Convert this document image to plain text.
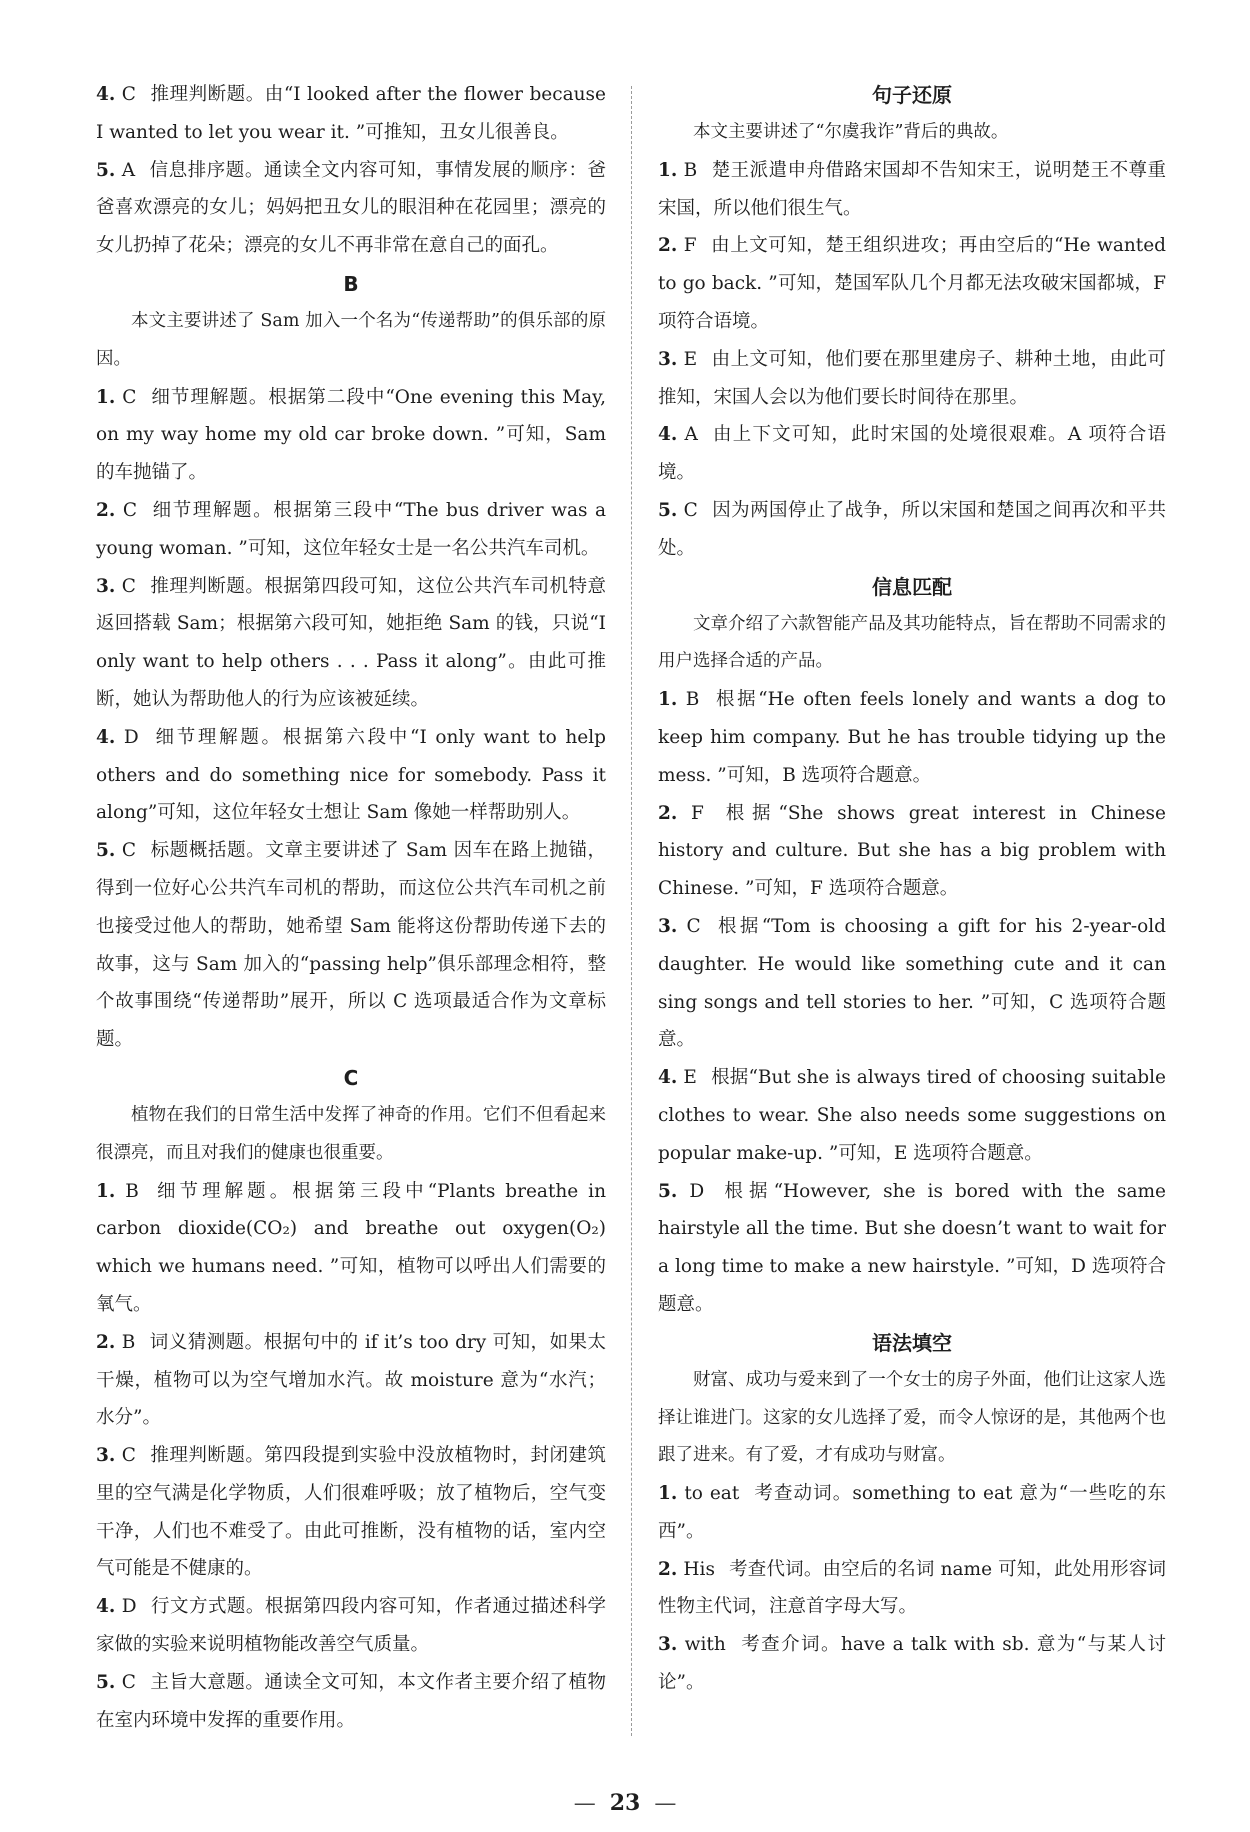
4. C 推理判断题。由“I looked after the flower because I wanted to let you wear it. ”可推知，丑女儿很善良。

5. A 信息排序题。通读全文内容可知，事情发展的顺序：爸爸喜欢漂亮的女儿；妈妈把丑女儿的眼泪种在花园里；漂亮的女儿扔掉了花朵；漂亮的女儿不再非常在意自己的面孔。

B

本文主要讲述了 Sam 加入一个名为“传递帮助”的俱乐部的原因。

1. C 细节理解题。根据第二段中“One evening this May, on my way home my old car broke down. ”可知，Sam 的车抛锚了。

2. C 细节理解题。根据第三段中“The bus driver was a young woman. ”可知，这位年轻女士是一名公共汽车司机。

3. C 推理判断题。根据第四段可知，这位公共汽车司机特意返回搭载 Sam；根据第六段可知，她拒绝 Sam 的钱，只说“I only want to help others . . . Pass it along”。由此可推断，她认为帮助他人的行为应该被延续。

4. D 细节理解题。根据第六段中“I only want to help others and do something nice for somebody. Pass it along”可知，这位年轻女士想让 Sam 像她一样帮助别人。

5. C 标题概括题。文章主要讲述了 Sam 因车在路上抛锚，得到一位好心公共汽车司机的帮助，而这位公共汽车司机之前也接受过他人的帮助，她希望 Sam 能将这份帮助传递下去的故事，这与 Sam 加入的“passing help”俱乐部理念相符，整个故事围绕“传递帮助”展开，所以 C 选项最适合作为文章标题。

C

植物在我们的日常生活中发挥了神奇的作用。它们不但看起来很漂亮，而且对我们的健康也很重要。

1. B 细节理解题。根据第三段中“Plants breathe in carbon dioxide(CO₂) and breathe out oxygen(O₂) which we humans need. ”可知，植物可以呼出人们需要的氧气。

2. B 词义猜测题。根据句中的 if it’s too dry 可知，如果太干燥，植物可以为空气增加水汽。故 moisture 意为“水汽；水分”。

3. C 推理判断题。第四段提到实验中没放植物时，封闭建筑里的空气满是化学物质，人们很难呼吸；放了植物后，空气变干净，人们也不难受了。由此可推断，没有植物的话，室内空气可能是不健康的。

4. D 行文方式题。根据第四段内容可知，作者通过描述科学家做的实验来说明植物能改善空气质量。

5. C 主旨大意题。通读全文可知，本文作者主要介绍了植物在室内环境中发挥的重要作用。

句子还原

本文主要讲述了“尔虞我诈”背后的典故。

1. B 楚王派遣申舟借路宋国却不告知宋王，说明楚王不尊重宋国，所以他们很生气。

2. F 由上文可知，楚王组织进攻；再由空后的“He wanted to go back. ”可知，楚国军队几个月都无法攻破宋国都城，F 项符合语境。

3. E 由上文可知，他们要在那里建房子、耕种土地，由此可推知，宋国人会以为他们要长时间待在那里。

4. A 由上下文可知，此时宋国的处境很艰难。A 项符合语境。

5. C 因为两国停止了战争，所以宋国和楚国之间再次和平共处。

信息匹配

文章介绍了六款智能产品及其功能特点，旨在帮助不同需求的用户选择合适的产品。

1. B 根据“He often feels lonely and wants a dog to keep him company. But he has trouble tidying up the mess. ”可知，B 选项符合题意。

2. F 根据“She shows great interest in Chinese history and culture. But she has a big problem with Chinese. ”可知，F 选项符合题意。

3. C 根据“Tom is choosing a gift for his 2-year-old daughter. He would like something cute and it can sing songs and tell stories to her. ”可知，C 选项符合题意。

4. E 根据“But she is always tired of choosing suitable clothes to wear. She also needs some suggestions on popular make-up. ”可知，E 选项符合题意。

5. D 根据“However, she is bored with the same hairstyle all the time. But she doesn’t want to wait for a long time to make a new hairstyle. ”可知，D 选项符合题意。

语法填空

财富、成功与爱来到了一个女士的房子外面，他们让这家人选择让谁进门。这家的女儿选择了爱，而令人惊讶的是，其他两个也跟了进来。有了爱，才有成功与财富。

1. to eat 考查动词。something to eat 意为“一些吃的东西”。

2. His 考查代词。由空后的名词 name 可知，此处用形容词性物主代词，注意首字母大写。

3. with 考查介词。have a talk with sb. 意为“与某人讨论”。

— 23 —
